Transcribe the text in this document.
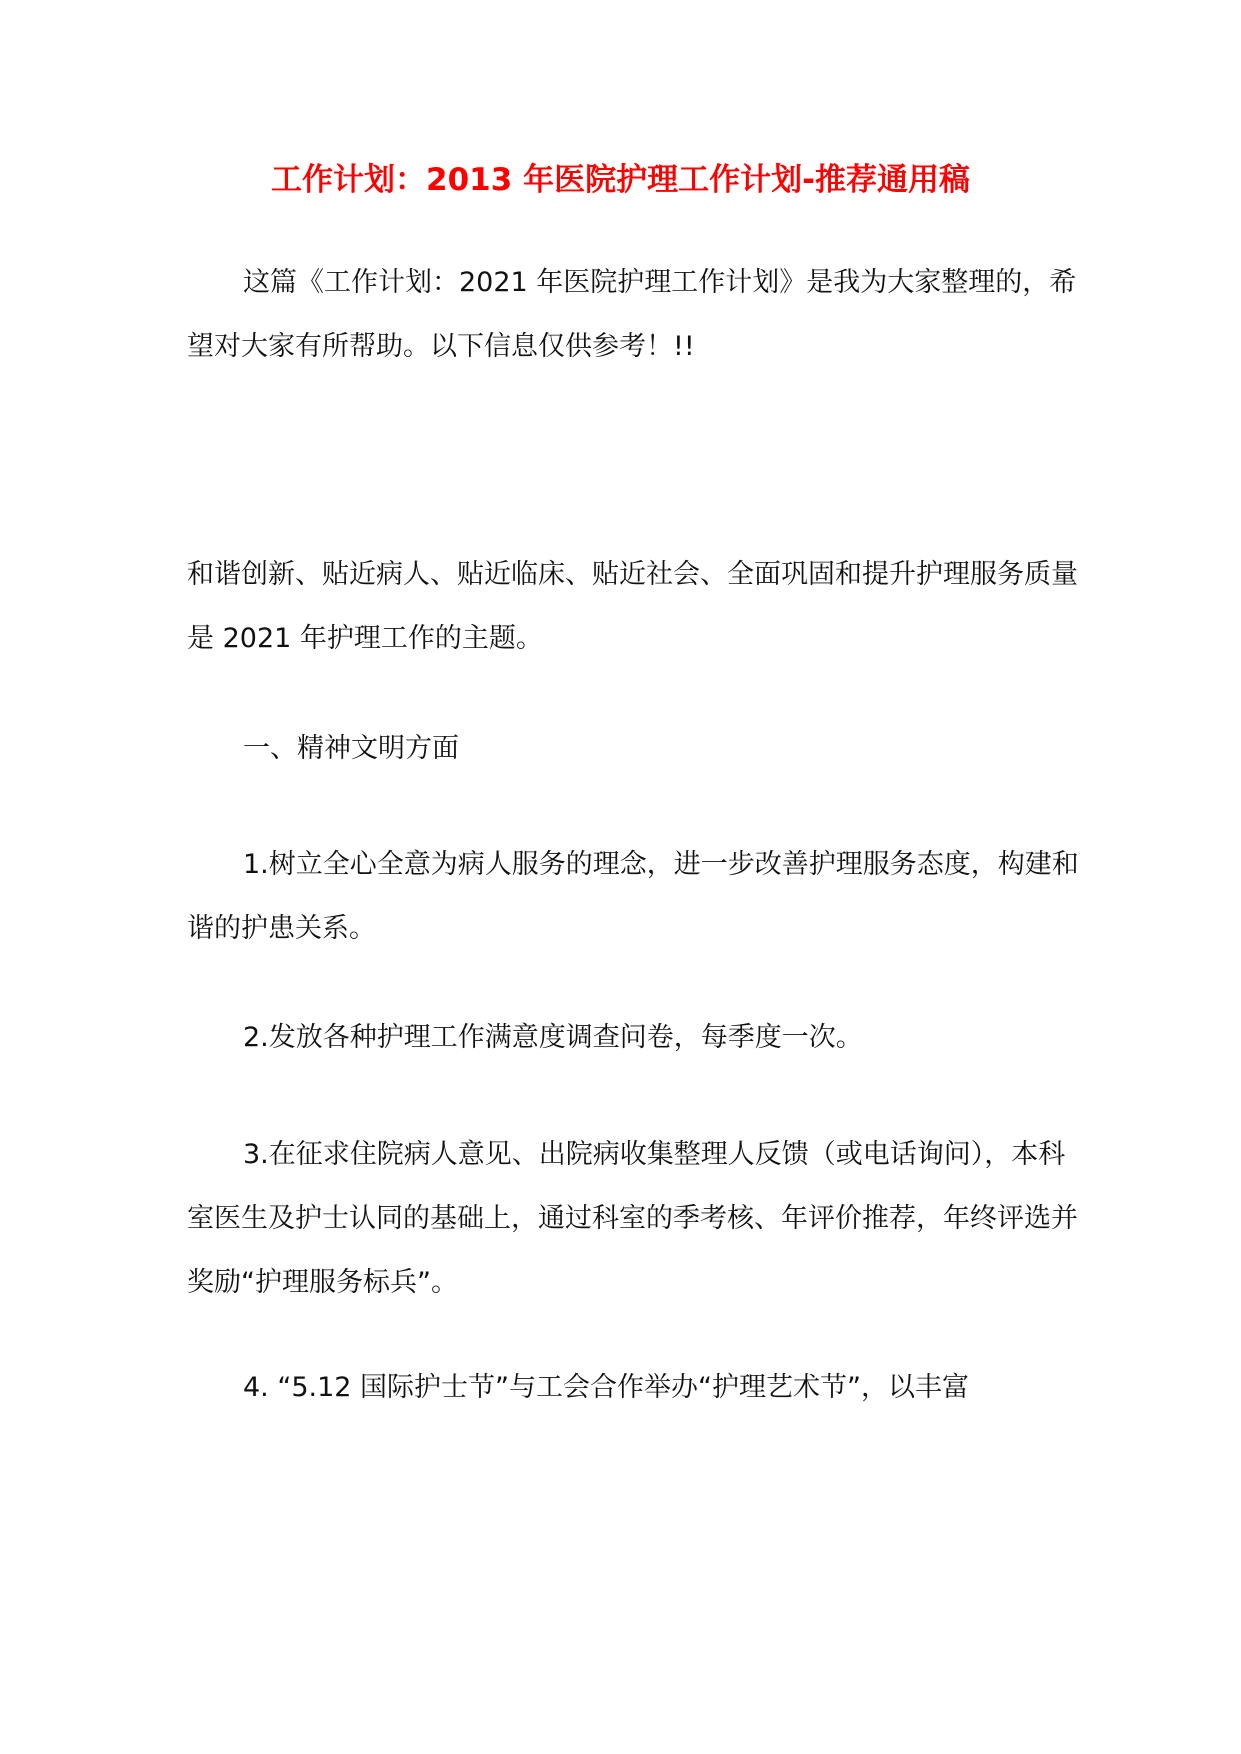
工作计划：2013 年医院护理工作计划-推荐通用稿

这篇《工作计划：2021 年医院护理工作计划》是我为大家整理的，希望对大家有所帮助。以下信息仅供参考！!!

和谐创新、贴近病人、贴近临床、贴近社会、全面巩固和提升护理服务质量是 2021 年护理工作的主题。

一、精神文明方面

1.树立全心全意为病人服务的理念，进一步改善护理服务态度，构建和谐的护患关系。

2.发放各种护理工作满意度调查问卷，每季度一次。

3.在征求住院病人意见、出院病收集整理人反馈（或电话询问），本科室医生及护士认同的基础上，通过科室的季考核、年评价推荐，年终评选并奖励“护理服务标兵”。

4. “5.12 国际护士节”与工会合作举办“护理艺术节”，以丰富
